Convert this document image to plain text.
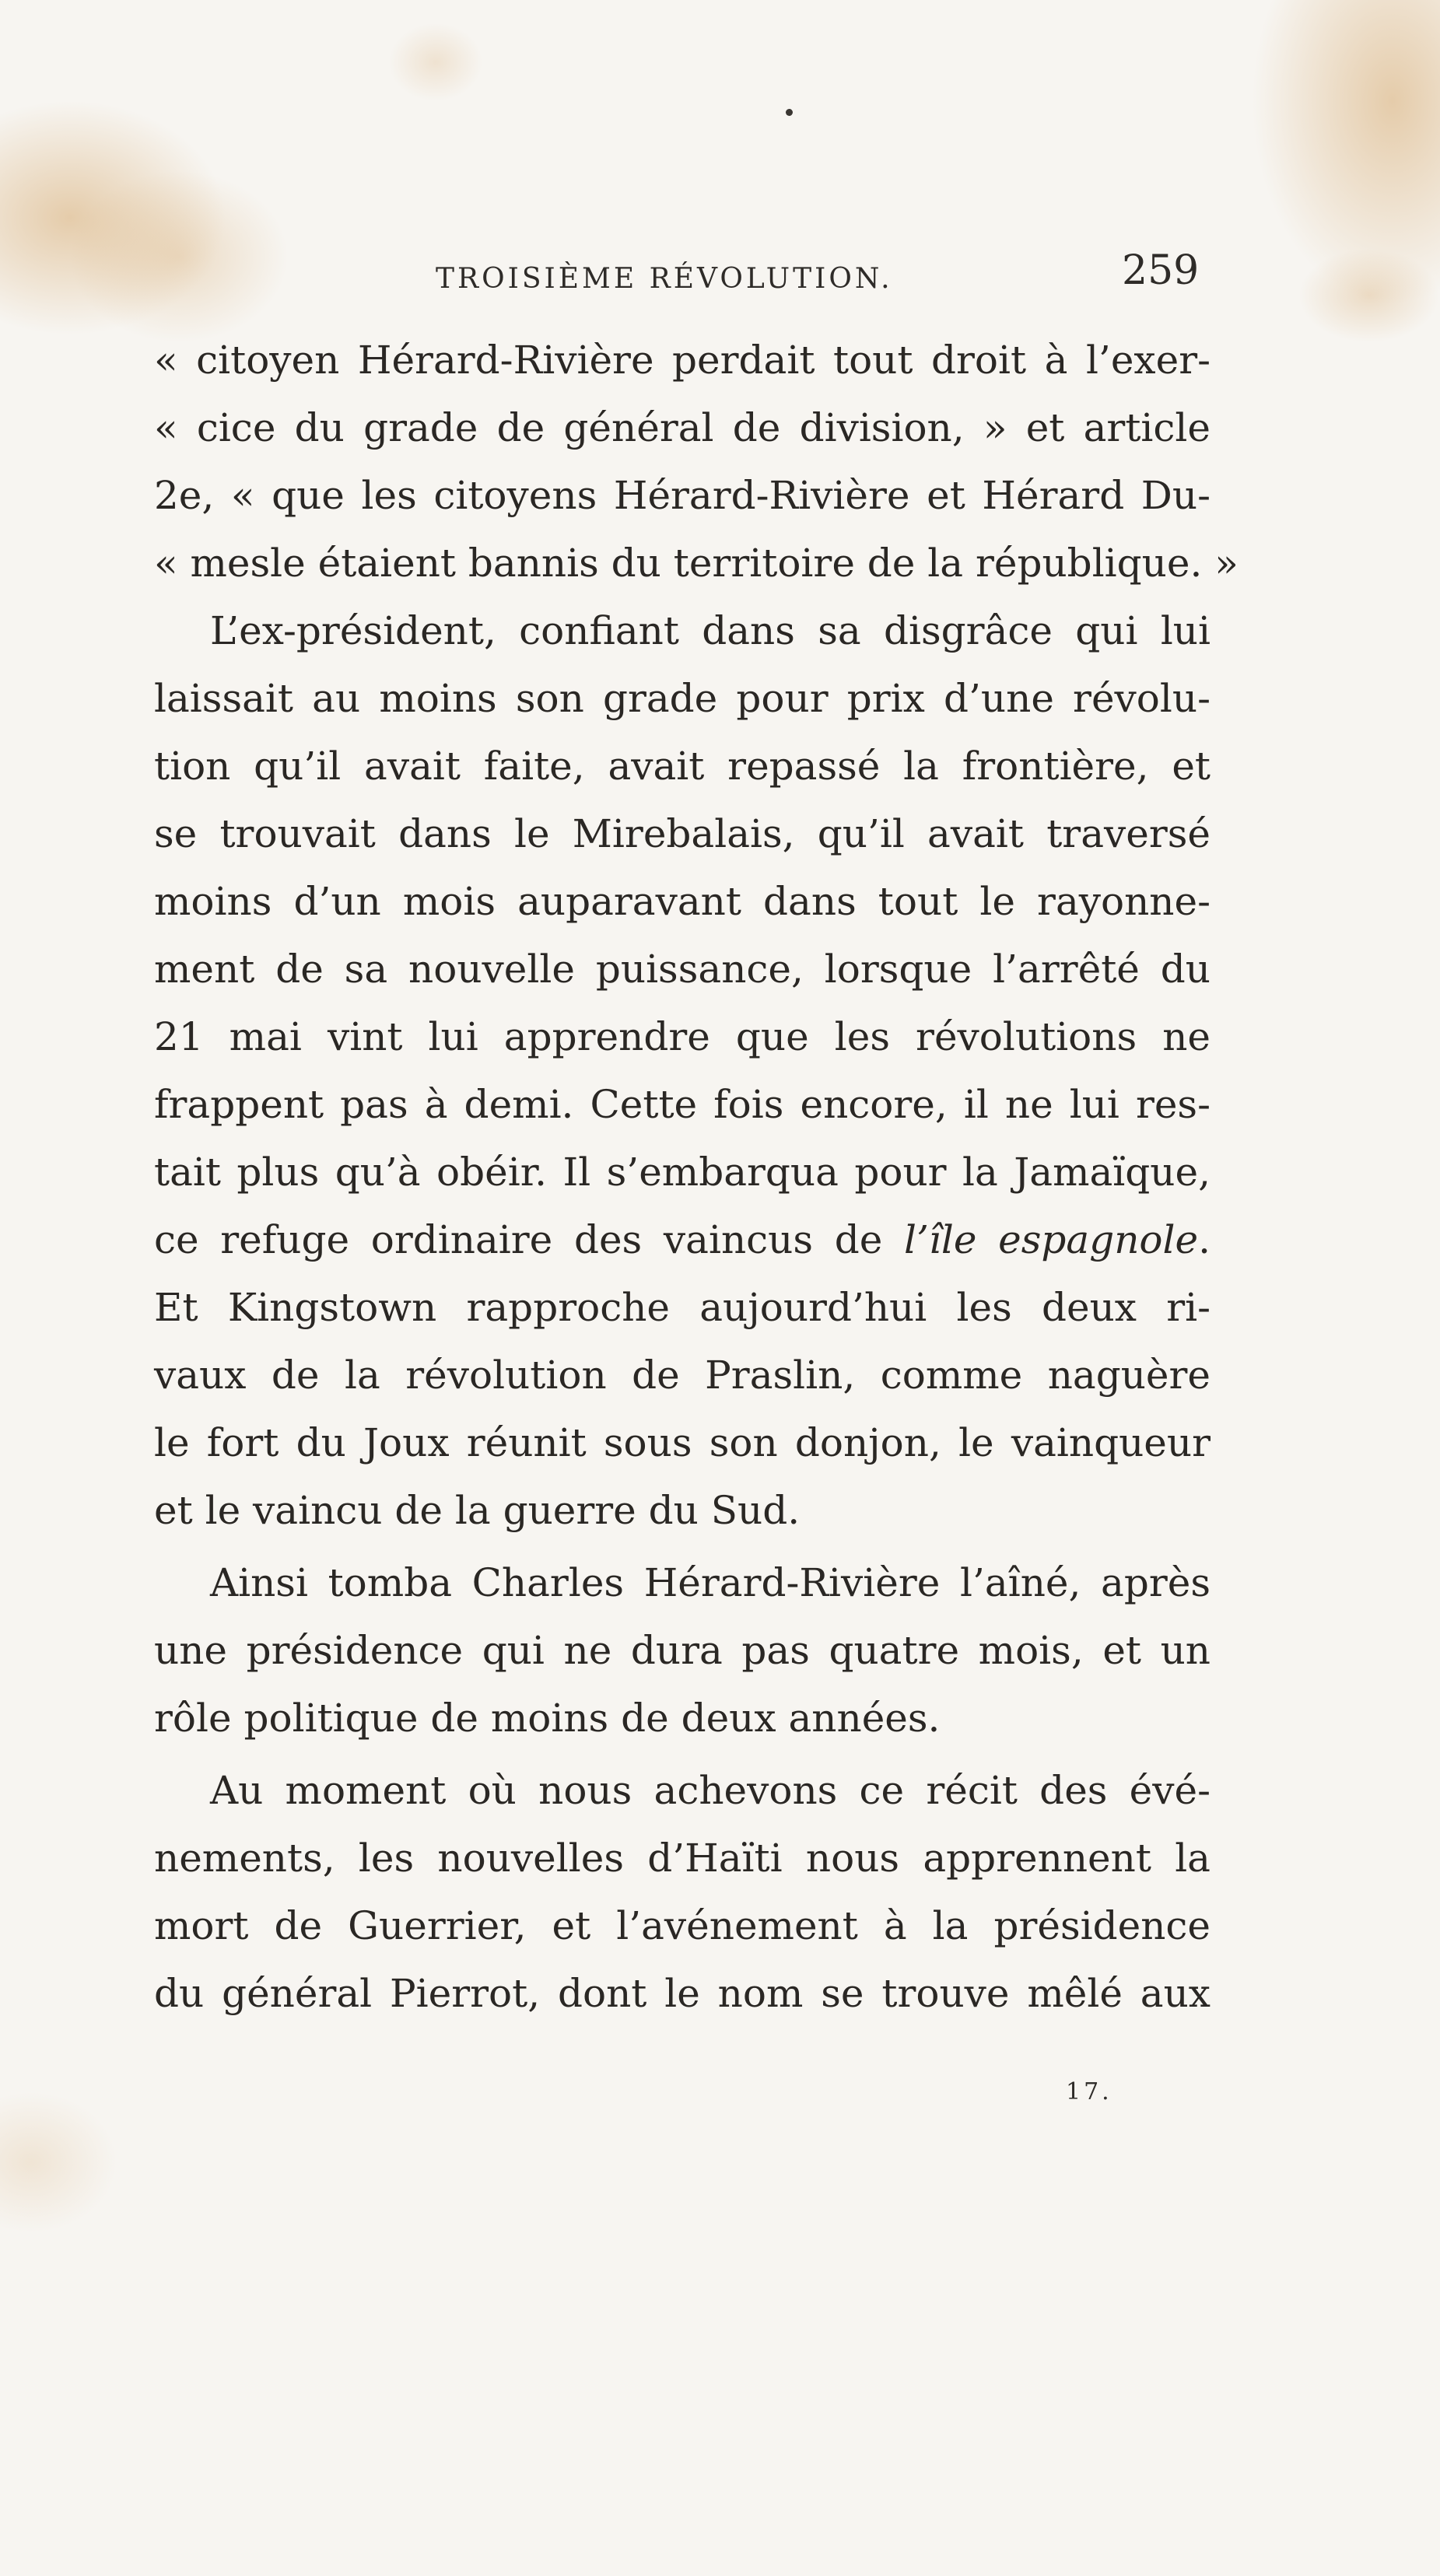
TROISIÈME RÉVOLUTION.	259
« citoyen Hérard-Rivière perdait tout droit à l’exer-
« cice du grade de général de division, » et article
2e, « que les citoyens Hérard-Rivière et Hérard Du-
« mesle étaient bannis du territoire de la république. »
L’ex-président, confiant dans sa disgrâce qui lui
laissait au moins son grade pour prix d’une révolu-
tion qu’il avait faite, avait repassé la frontière, et
se trouvait dans le Mirebalais, qu’il avait traversé
moins d’un mois auparavant dans tout le rayonne-
ment de sa nouvelle puissance, lorsque l’arrêté du
21 mai vint lui apprendre que les révolutions ne
frappent pas à demi. Cette fois encore, il ne lui res-
tait plus qu’à obéir. Il s’embarqua pour la Jamaïque,
ce refuge ordinaire des vaincus de l’île espagnole.
Et Kingstown rapproche aujourd’hui les deux ri-
vaux de la révolution de Praslin, comme naguère
le fort du Joux réunit sous son donjon, le vainqueur
et le vaincu de la guerre du Sud.
Ainsi tomba Charles Hérard-Rivière l’aîné, après
une présidence qui ne dura pas quatre mois, et un
rôle politique de moins de deux années.
Au moment où nous achevons ce récit des évé-
nements, les nouvelles d’Haïti nous apprennent la
mort de Guerrier, et l’avénement à la présidence
du général Pierrot, dont le nom se trouve mêlé aux
17.
